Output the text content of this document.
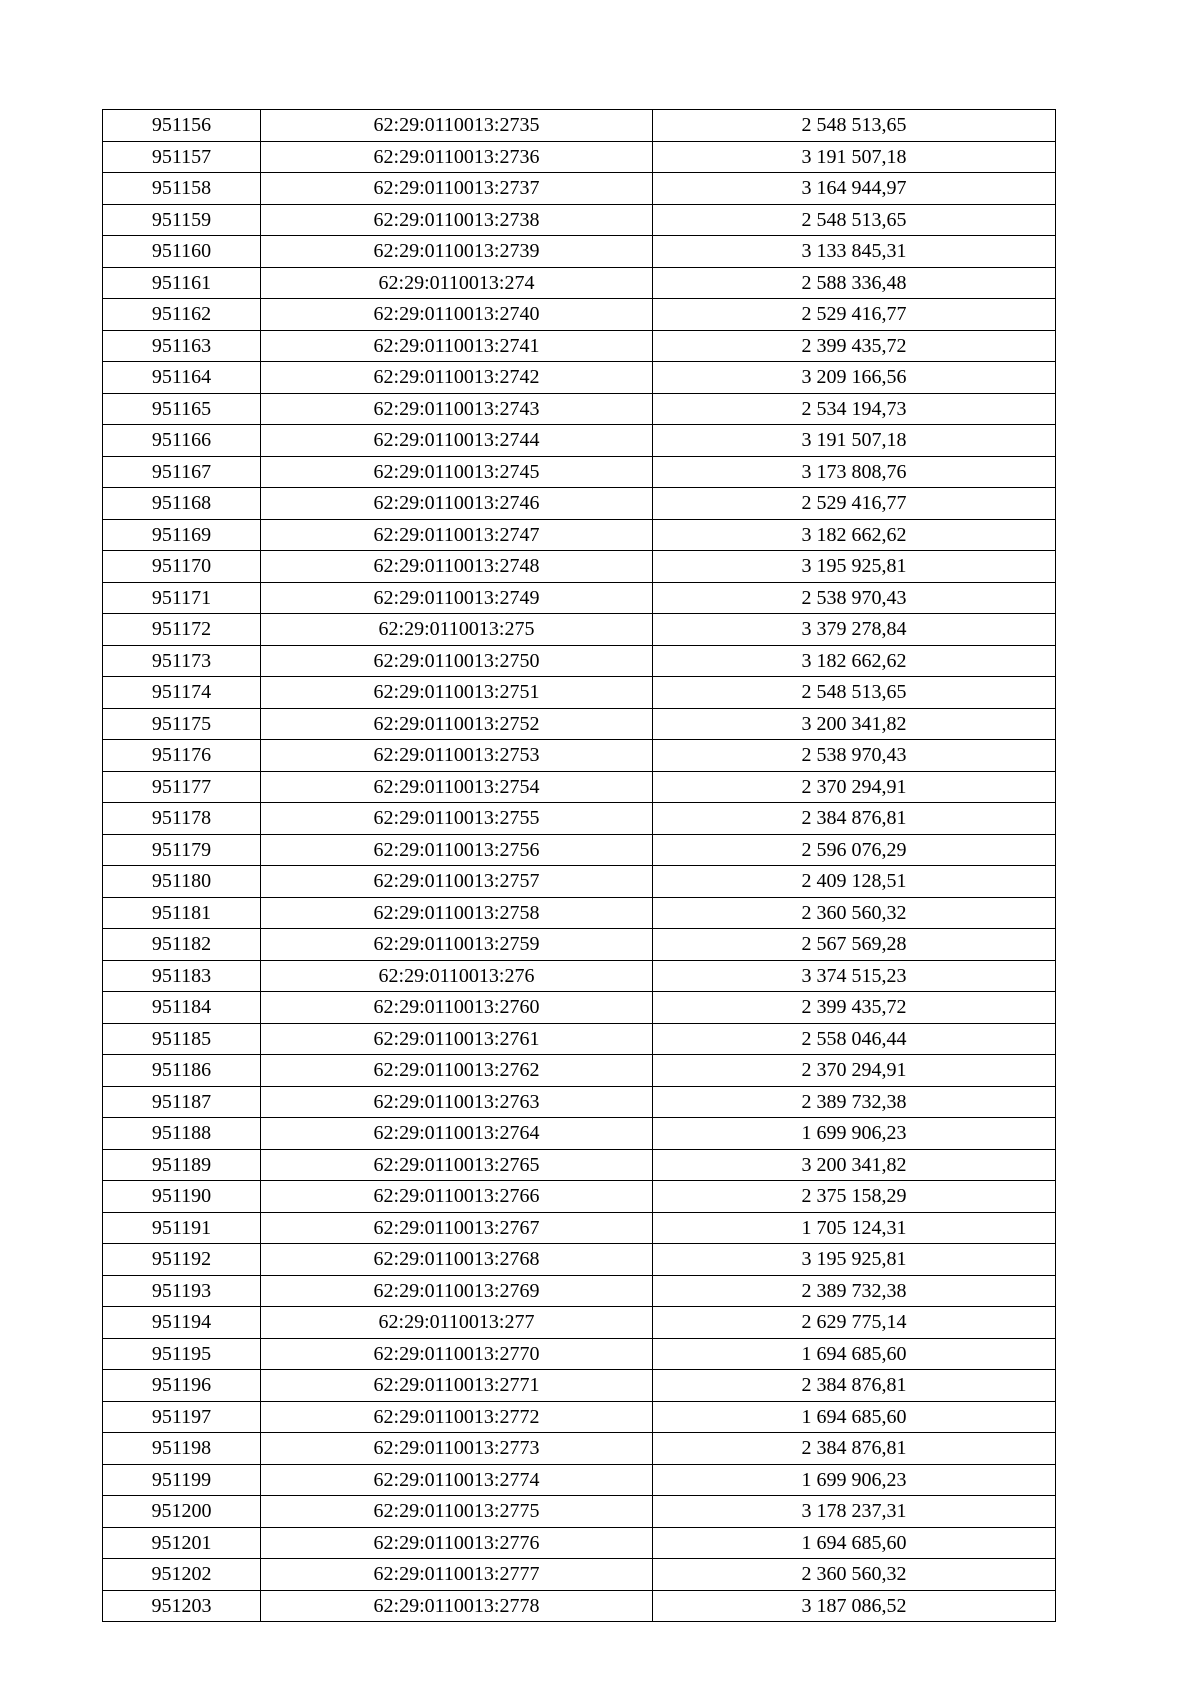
951156	62:29:0110013:2735	2 548 513,65
951157	62:29:0110013:2736	3 191 507,18
951158	62:29:0110013:2737	3 164 944,97
951159	62:29:0110013:2738	2 548 513,65
951160	62:29:0110013:2739	3 133 845,31
951161	62:29:0110013:274	2 588 336,48
951162	62:29:0110013:2740	2 529 416,77
951163	62:29:0110013:2741	2 399 435,72
951164	62:29:0110013:2742	3 209 166,56
951165	62:29:0110013:2743	2 534 194,73
951166	62:29:0110013:2744	3 191 507,18
951167	62:29:0110013:2745	3 173 808,76
951168	62:29:0110013:2746	2 529 416,77
951169	62:29:0110013:2747	3 182 662,62
951170	62:29:0110013:2748	3 195 925,81
951171	62:29:0110013:2749	2 538 970,43
951172	62:29:0110013:275	3 379 278,84
951173	62:29:0110013:2750	3 182 662,62
951174	62:29:0110013:2751	2 548 513,65
951175	62:29:0110013:2752	3 200 341,82
951176	62:29:0110013:2753	2 538 970,43
951177	62:29:0110013:2754	2 370 294,91
951178	62:29:0110013:2755	2 384 876,81
951179	62:29:0110013:2756	2 596 076,29
951180	62:29:0110013:2757	2 409 128,51
951181	62:29:0110013:2758	2 360 560,32
951182	62:29:0110013:2759	2 567 569,28
951183	62:29:0110013:276	3 374 515,23
951184	62:29:0110013:2760	2 399 435,72
951185	62:29:0110013:2761	2 558 046,44
951186	62:29:0110013:2762	2 370 294,91
951187	62:29:0110013:2763	2 389 732,38
951188	62:29:0110013:2764	1 699 906,23
951189	62:29:0110013:2765	3 200 341,82
951190	62:29:0110013:2766	2 375 158,29
951191	62:29:0110013:2767	1 705 124,31
951192	62:29:0110013:2768	3 195 925,81
951193	62:29:0110013:2769	2 389 732,38
951194	62:29:0110013:277	2 629 775,14
951195	62:29:0110013:2770	1 694 685,60
951196	62:29:0110013:2771	2 384 876,81
951197	62:29:0110013:2772	1 694 685,60
951198	62:29:0110013:2773	2 384 876,81
951199	62:29:0110013:2774	1 699 906,23
951200	62:29:0110013:2775	3 178 237,31
951201	62:29:0110013:2776	1 694 685,60
951202	62:29:0110013:2777	2 360 560,32
951203	62:29:0110013:2778	3 187 086,52
